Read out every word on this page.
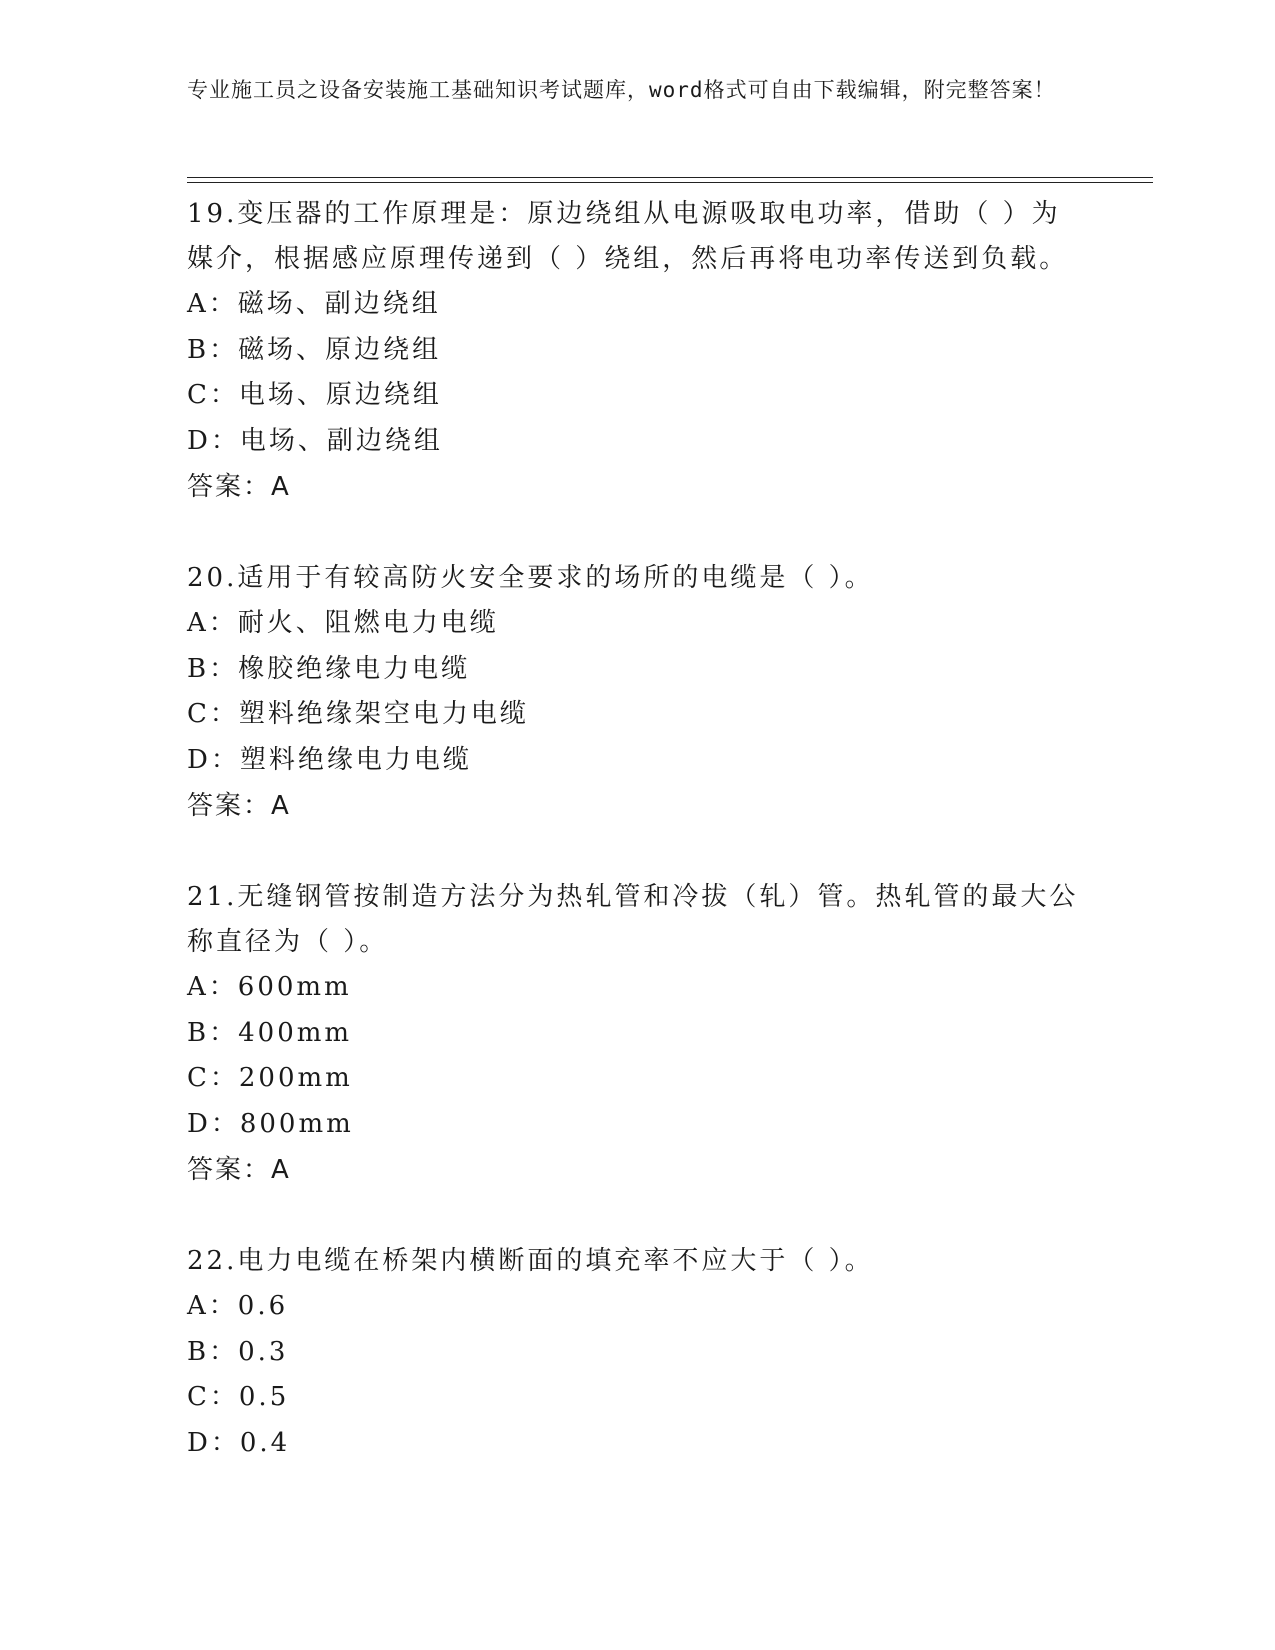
专业施工员之设备安装施工基础知识考试题库，word格式可自由下载编辑，附完整答案！

19.变压器的工作原理是：原边绕组从电源吸取电功率，借助（ ）为媒介，根据感应原理传递到（ ）绕组，然后再将电功率传送到负载。

A：磁场、副边绕组

B：磁场、原边绕组

C：电场、原边绕组

D：电场、副边绕组

答案：A

20.适用于有较高防火安全要求的场所的电缆是（ ）。

A：耐火、阻燃电力电缆

B：橡胶绝缘电力电缆

C：塑料绝缘架空电力电缆

D：塑料绝缘电力电缆

答案：A

21.无缝钢管按制造方法分为热轧管和冷拔（轧）管。热轧管的最大公称直径为（ ）。

A：600mm

B：400mm

C：200mm

D：800mm

答案：A

22.电力电缆在桥架内横断面的填充率不应大于（ ）。

A：0.6

B：0.3

C：0.5

D：0.4
